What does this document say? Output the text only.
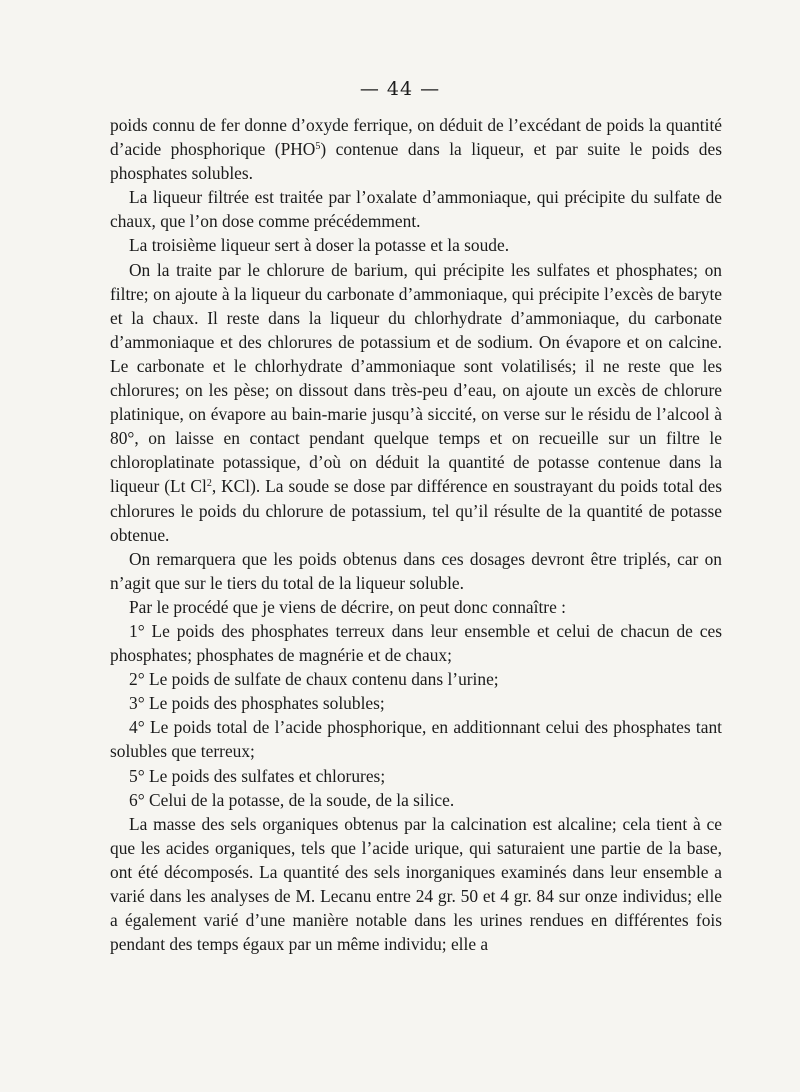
— 44 —

poids connu de fer donne d’oxyde ferrique, on déduit de l’excédant de poids la quantité d’acide phosphorique (PHO$^5$) contenue dans la liqueur, et par suite le poids des phosphates solubles.

La liqueur filtrée est traitée par l’oxalate d’ammoniaque, qui précipite du sulfate de chaux, que l’on dose comme précédemment.

La troisième liqueur sert à doser la potasse et la soude.

On la traite par le chlorure de barium, qui précipite les sulfates et phosphates; on filtre; on ajoute à la liqueur du carbonate d’ammoniaque, qui précipite l’excès de baryte et la chaux. Il reste dans la liqueur du chlorhydrate d’ammoniaque, du carbonate d’ammoniaque et des chlorures de potassium et de sodium. On évapore et on calcine. Le carbonate et le chlorhydrate d’ammoniaque sont volatilisés; il ne reste que les chlorures; on les pèse; on dissout dans très-peu d’eau, on ajoute un excès de chlorure platinique, on évapore au bain-marie jusqu’à siccité, on verse sur le résidu de l’alcool à 80°, on laisse en contact pendant quelque temps et on recueille sur un filtre le chloroplatinate potassique, d’où on déduit la quantité de potasse contenue dans la liqueur (Lt Cl$^2$, KCl). La soude se dose par différence en soustrayant du poids total des chlorures le poids du chlorure de potassium, tel qu’il résulte de la quantité de potasse obtenue.

On remarquera que les poids obtenus dans ces dosages devront être triplés, car on n’agit que sur le tiers du total de la liqueur soluble.

Par le procédé que je viens de décrire, on peut donc connaître :

1° Le poids des phosphates terreux dans leur ensemble et celui de chacun de ces phosphates; phosphates de magnérie et de chaux;

2° Le poids de sulfate de chaux contenu dans l’urine;

3° Le poids des phosphates solubles;

4° Le poids total de l’acide phosphorique, en additionnant celui des phosphates tant solubles que terreux;

5° Le poids des sulfates et chlorures;

6° Celui de la potasse, de la soude, de la silice.

La masse des sels organiques obtenus par la calcination est alcaline; cela tient à ce que les acides organiques, tels que l’acide urique, qui saturaient une partie de la base, ont été décomposés. La quantité des sels inorganiques examinés dans leur ensemble a varié dans les analyses de M. Lecanu entre 24 gr. 50 et 4 gr. 84 sur onze individus; elle a également varié d’une manière notable dans les urines rendues en différentes fois pendant des temps égaux par un même individu; elle a
